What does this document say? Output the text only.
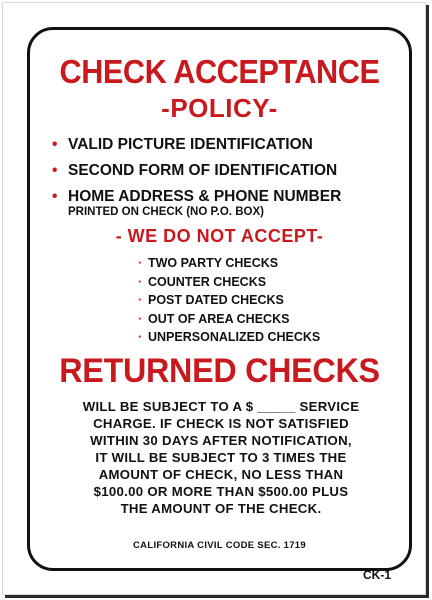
CHECK ACCEPTANCE
-POLICY-
• VALID PICTURE IDENTIFICATION
• SECOND FORM OF IDENTIFICATION
• HOME ADDRESS & PHONE NUMBER
PRINTED ON CHECK (NO P.O. BOX)
- WE DO NOT ACCEPT-
· TWO PARTY CHECKS
· COUNTER CHECKS
· POST DATED CHECKS
· OUT OF AREA CHECKS
· UNPERSONALIZED CHECKS
RETURNED CHECKS
WILL BE SUBJECT TO A $ _____ SERVICE
CHARGE. IF CHECK IS NOT SATISFIED
WITHIN 30 DAYS AFTER NOTIFICATION,
IT WILL BE SUBJECT TO 3 TIMES THE
AMOUNT OF CHECK, NO LESS THAN
$100.00 OR MORE THAN $500.00 PLUS
THE AMOUNT OF THE CHECK.
CALIFORNIA CIVIL CODE SEC. 1719
CK-1
